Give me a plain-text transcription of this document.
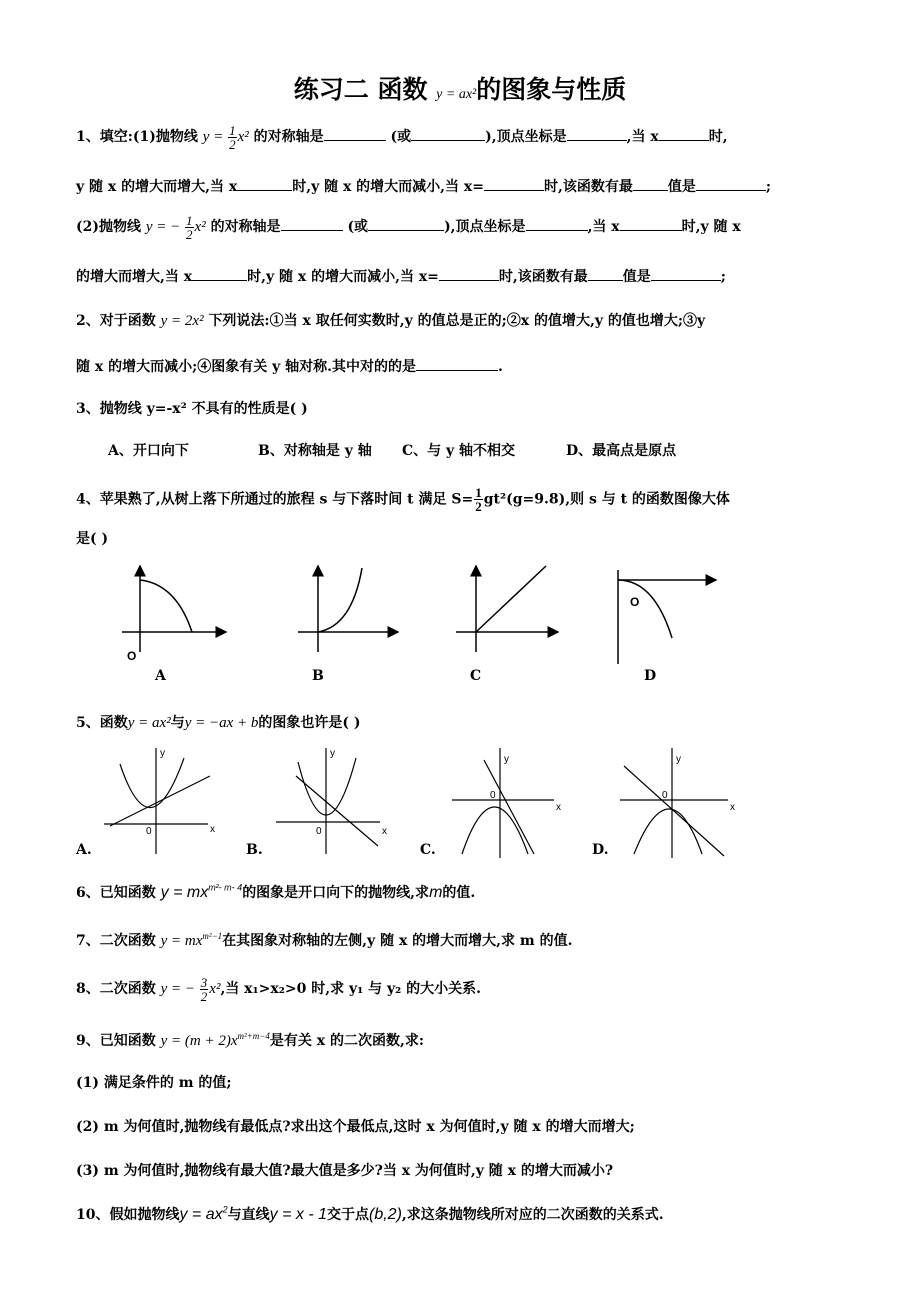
练习二 函数 y = ax²的图象与性质
1、填空:(1)抛物线 $y = \frac{1}{2} x^2$ 的对称轴是	(或	),顶点坐标是	,当 x	时,
y 随 x 的增大而增大,当 x	时,y 随 x 的增大而减小,当 x=	时,该函数有最	值是	;
(2)抛物线 y = − $\frac{1}{2} x^2$ 的对称轴是	(或	),顶点坐标是	,当 x	时,y 随 x
的增大而增大,当 x	时,y 随 x 的增大而减小,当 x=	时,该函数有最	值是	;
2、对于函数 y = 2x² 下列说法:①当 x 取任何实数时,y 的值总是正的;②x 的值增大,y 的值也增大;③y
随 x 的增大而减小;④图象有关 y 轴对称.其中对的的是	.
3、抛物线 y=-x² 不具有的性质是( )
A、开口向下	B、对称轴是 y 轴 C、与 y 轴不相交	D、最高点是原点
4、苹果熟了,从树上落下所通过的旅程 s 与下落时间 t 满足 $S= \frac{1}{2} gt^2(g=9.8)$,则 s 与 t 的函数图像大体
是( )
O
O
A	B	C	D
5、函数y = ax²与y = −ax + b的图象也许是( )
y
x
0
y
x
0
y
x
0
y
x
0
A.	B.	C.	D.
6、已知函数 $y = mx^{m^2- m- 4}$的图象是开口向下的抛物线,求m的值.
7、二次函数 $y = mx^{m^2-1}$在其图象对称轴的左侧,y 随 x 的增大而增大,求 m 的值.
8、二次函数 y = − $\frac{3}{2} x^2$,当 x₁>x₂>0 时,求 y₁ 与 y₂ 的大小关系.
9、已知函数 $y = (m + 2)x^{m^2+m-4}$是有关 x 的二次函数,求:
(1) 满足条件的 m 的值;
(2) m 为何值时,抛物线有最低点?求出这个最低点,这时 x 为何值时,y 随 x 的增大而增大;
(3) m 为何值时,抛物线有最大值?最大值是多少?当 x 为何值时,y 随 x 的增大而减小?
10、假如抛物线$y = ax^2$与直线y = x - 1交于点(b,2),求这条抛物线所对应的二次函数的关系式.
